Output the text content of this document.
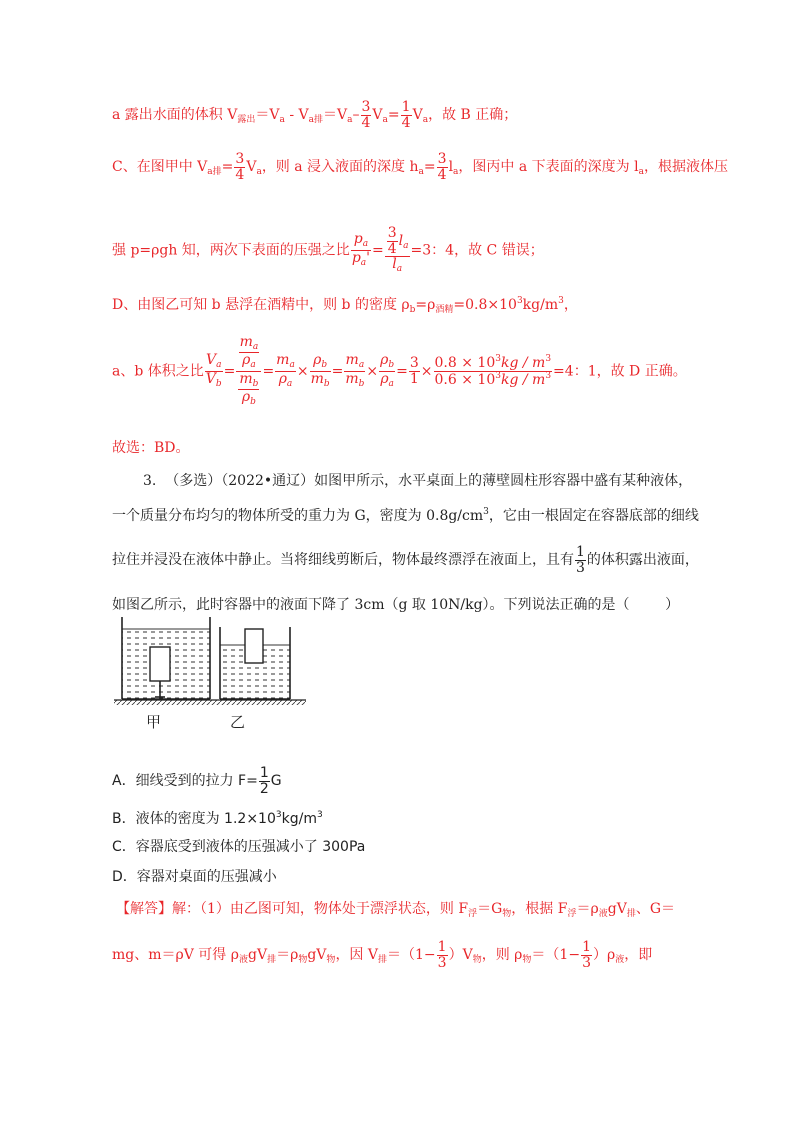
a 露出水面的体积 $V_{露出}=V_a - V_{a排}=V_a- \frac{3}{4} V_a= \frac{1}{4} V_a$，故 B 正确；
C、在图甲中 $V_{a排}= \frac{3}{4} V_a$，则 a 浸入液面的深度 $h_a= \frac{3}{4} l_a$，图丙中 a 下表面的深度为 $l_a$，根据液体压
强 p=ρgh 知，两次下表面的压强之比 $\frac{p_a}{p_a'} = \frac{\frac{3}{4} l_a}{l_a} =3$：4，故 C 错误；
D、由图乙可知 b 悬浮在酒精中，则 b 的密度 $\rho_b=\rho_{酒精}=0.8\times 10^3kg/m^3$，
a、b 体积之比 $\frac{V_a}{V_b}$ =
$\frac{m_a}{\rho_a}$
$\frac{m_b}{\rho_b}$
= $\frac{m_a}{\rho_a} \times \frac{\rho_b}{m_b} = \frac{m_a}{m_b} \times \frac{\rho_b}{\rho_a} = \frac{3}{1} \times \frac{0.8 \times 10^3kg / m^3}{0.6 \times 10^3kg / m^3} =4$：1，故 D 正确。
故选：BD。
3.  （多选）（2022•通辽）如图甲所示，水平桌面上的薄壁圆柱形容器中盛有某种液体，
一个质量分布均匀的物体所受的重力为 G，密度为 $0.8g/cm^3$，它由一根固定在容器底部的细线
拉住并浸没在液体中静止。当将细线剪断后，物体最终漂浮在液面上，且有 $\frac{1}{3}$ 的体积露出液面，
如图乙所示，此时容器中的液面下降了 3cm（g 取 10N/kg）。下列说法正确的是（        ）
甲	乙
A．细线受到的拉力 $F= \frac{1}{2}$ G
B．液体的密度为 $1.2\times 10^3kg/m^3$
C．容器底受到液体的压强减小了 300Pa
D．容器对桌面的压强减小
【解答】解：（1）由乙图可知，物体处于漂浮状态，则 $F_浮=G_物$，根据 $F_浮=\rho_液gV_排$、G＝
mg、m＝ρV 可得 $\rho_液gV_排=\rho_物gV_物$，因 $V_排=(1- \frac{1}{3} )V_物$，则 $\rho_物=(1- \frac{1}{3} )\rho_液$，即
